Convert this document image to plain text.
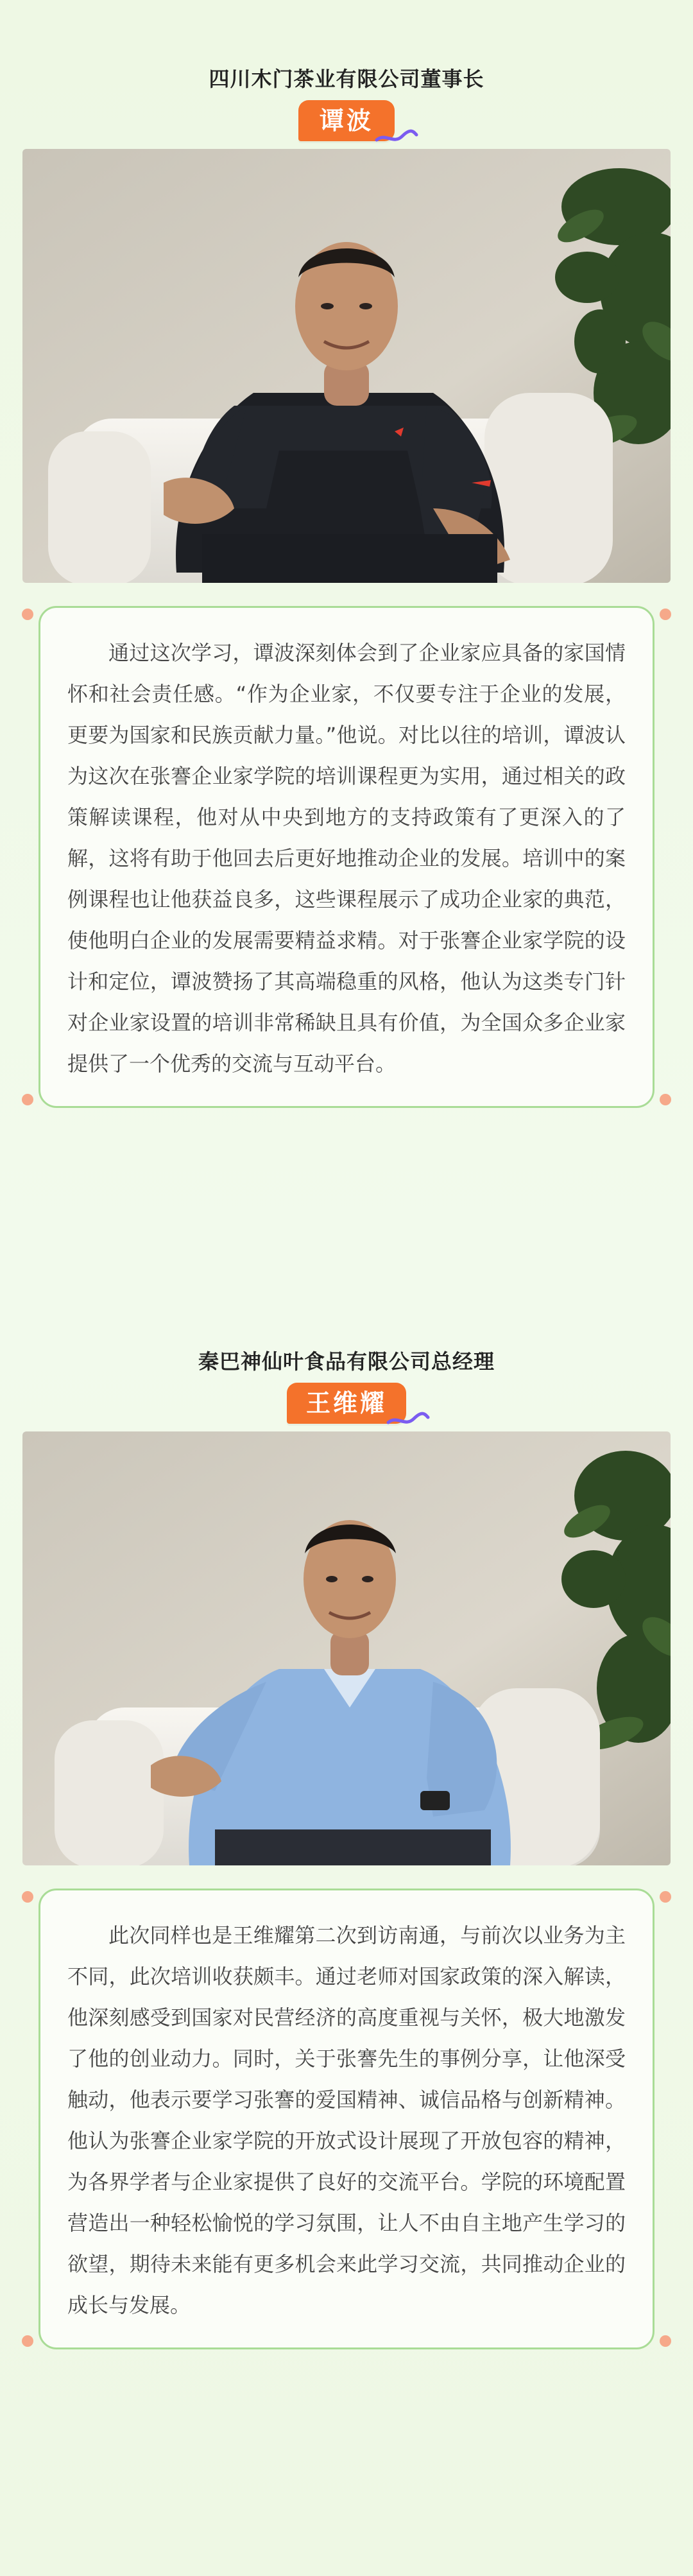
四川木门茶业有限公司董事长
谭波

通过这次学习，谭波深刻体会到了企业家应具备的家国情怀和社会责任感。“作为企业家，不仅要专注于企业的发展，更要为国家和民族贡献力量。”他说。对比以往的培训，谭波认为这次在张謇企业家学院的培训课程更为实用，通过相关的政策解读课程，他对从中央到地方的支持政策有了更深入的了解，这将有助于他回去后更好地推动企业的发展。培训中的案例课程也让他获益良多，这些课程展示了成功企业家的典范，使他明白企业的发展需要精益求精。对于张謇企业家学院的设计和定位，谭波赞扬了其高端稳重的风格，他认为这类专门针对企业家设置的培训非常稀缺且具有价值，为全国众多企业家提供了一个优秀的交流与互动平台。

秦巴神仙叶食品有限公司总经理
王维耀

此次同样也是王维耀第二次到访南通，与前次以业务为主不同，此次培训收获颇丰。通过老师对国家政策的深入解读，他深刻感受到国家对民营经济的高度重视与关怀，极大地激发了他的创业动力。同时，关于张謇先生的事例分享，让他深受触动，他表示要学习张謇的爱国精神、诚信品格与创新精神。他认为张謇企业家学院的开放式设计展现了开放包容的精神，为各界学者与企业家提供了良好的交流平台。学院的环境配置营造出一种轻松愉悦的学习氛围，让人不由自主地产生学习的欲望，期待未来能有更多机会来此学习交流，共同推动企业的成长与发展。
